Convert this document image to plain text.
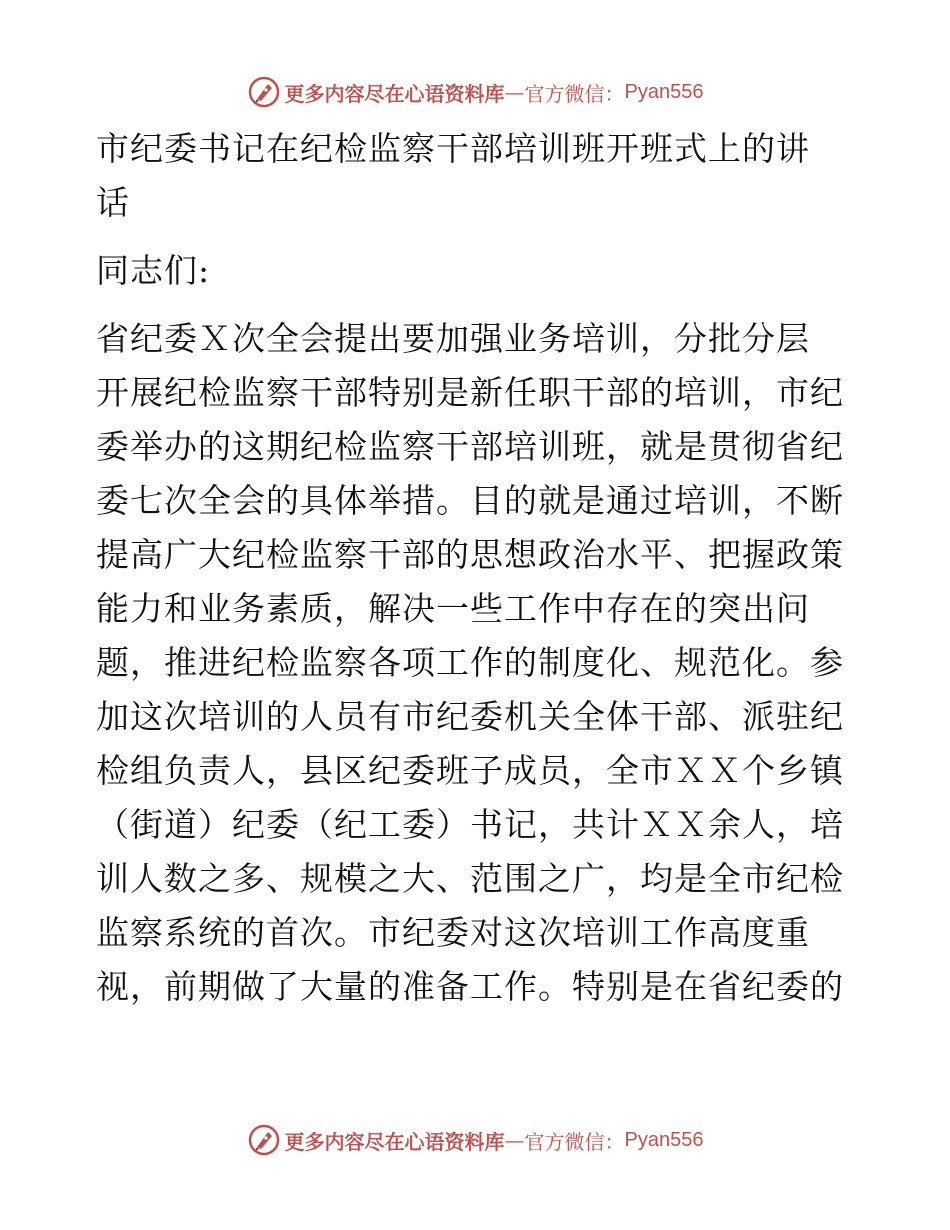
更多内容尽在心语资料库 — 官方微信： Pyan556
市纪委书记在纪检监察干部培训班开班式上的讲
话
同志们:
省纪委Ｘ次全会提出要加强业务培训，分批分层
开展纪检监察干部特别是新任职干部的培训，市纪
委举办的这期纪检监察干部培训班，就是贯彻省纪
委七次全会的具体举措。目的就是通过培训，不断
提高广大纪检监察干部的思想政治水平、把握政策
能力和业务素质，解决一些工作中存在的突出问
题，推进纪检监察各项工作的制度化、规范化。参
加这次培训的人员有市纪委机关全体干部、派驻纪
检组负责人，县区纪委班子成员，全市ＸＸ个乡镇
（街道）纪委（纪工委）书记，共计ＸＸ余人，培
训人数之多、规模之大、范围之广，均是全市纪检
监察系统的首次。市纪委对这次培训工作高度重
视，前期做了大量的准备工作。特别是在省纪委的
更多内容尽在心语资料库 — 官方微信： Pyan556
